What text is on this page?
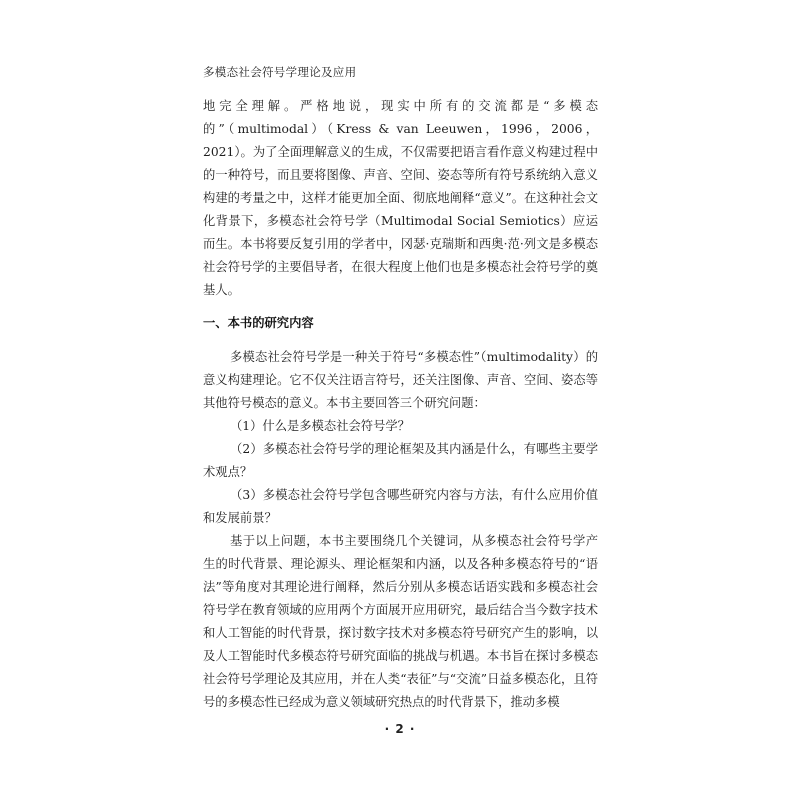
多模态社会符号学理论及应用

地完全理解。严格地说，现实中所有的交流都是“多模态的”（multimodal）（Kress & van Leeuwen，1996，2006，2021）。为了全面理解意义的生成，不仅需要把语言看作意义构建过程中的一种符号，而且要将图像、声音、空间、姿态等所有符号系统纳入意义构建的考量之中，这样才能更加全面、彻底地阐释“意义”。在这种社会文化背景下，多模态社会符号学（Multimodal Social Semiotics）应运而生。本书将要反复引用的学者中，冈瑟·克瑞斯和西奥·范·列文是多模态社会符号学的主要倡导者，在很大程度上他们也是多模态社会符号学的奠基人。

一、本书的研究内容

多模态社会符号学是一种关于符号“多模态性”（multimodality）的意义构建理论。它不仅关注语言符号，还关注图像、声音、空间、姿态等其他符号模态的意义。本书主要回答三个研究问题：

（1）什么是多模态社会符号学？

（2）多模态社会符号学的理论框架及其内涵是什么，有哪些主要学术观点？

（3）多模态社会符号学包含哪些研究内容与方法，有什么应用价值和发展前景？

基于以上问题，本书主要围绕几个关键词，从多模态社会符号学产生的时代背景、理论源头、理论框架和内涵，以及各种多模态符号的“语法”等角度对其理论进行阐释，然后分别从多模态话语实践和多模态社会符号学在教育领域的应用两个方面展开应用研究，最后结合当今数字技术和人工智能的时代背景，探讨数字技术对多模态符号研究产生的影响，以及人工智能时代多模态符号研究面临的挑战与机遇。本书旨在探讨多模态社会符号学理论及其应用，并在人类“表征”与“交流”日益多模态化，且符号的多模态性已经成为意义领域研究热点的时代背景下，推动多模

· 2 ·
